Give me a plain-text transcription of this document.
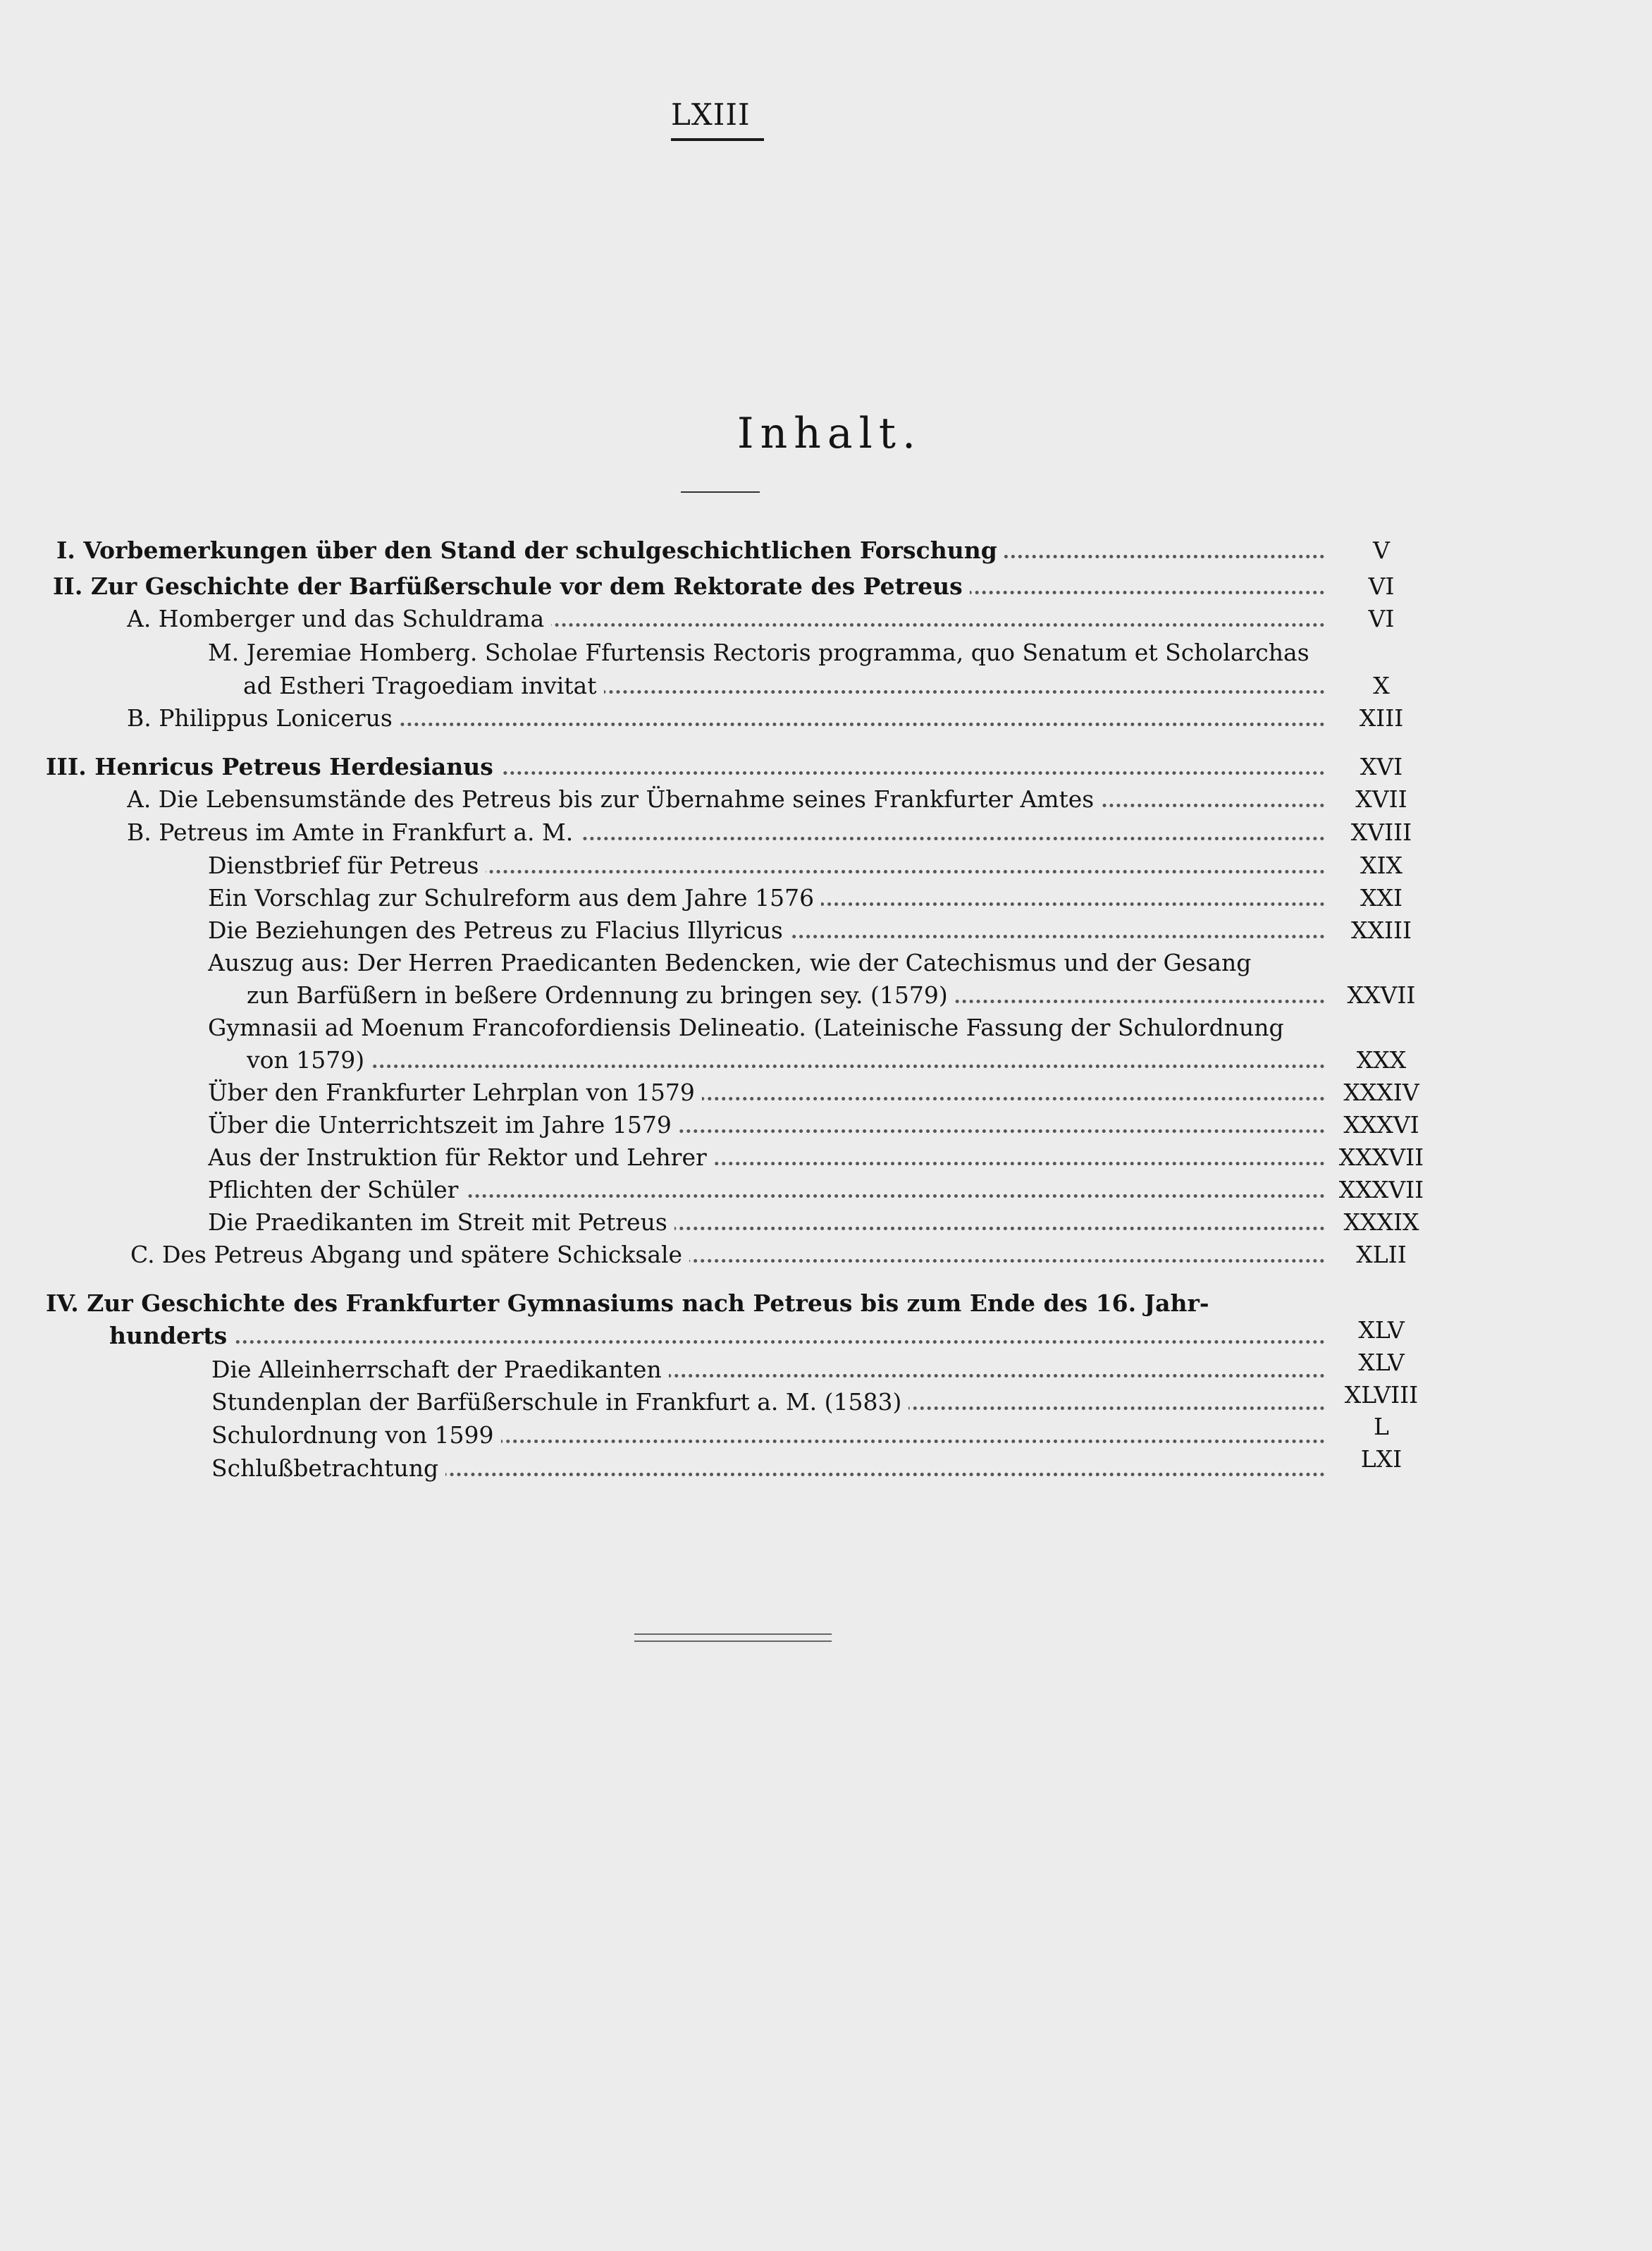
LXIII
Inhalt.
I. Vorbemerkungen über den Stand der schulgeschichtlichen Forschung	V
II. Zur Geschichte der Barfüßerschule vor dem Rektorate des Petreus	VI
A. Homberger und das Schuldrama	VI
M. Jeremiae Homberg. Scholae Ffurtensis Rectoris programma, quo Senatum et Scholarchas
ad Estheri Tragoediam invitat	X
B. Philippus Lonicerus	XIII
III. Henricus Petreus Herdesianus	XVI
A. Die Lebensumstände des Petreus bis zur Übernahme seines Frankfurter Amtes	XVII
B. Petreus im Amte in Frankfurt a. M.	XVIII
Dienstbrief für Petreus	XIX
Ein Vorschlag zur Schulreform aus dem Jahre 1576	XXI
Die Beziehungen des Petreus zu Flacius Illyricus	XXIII
Auszug aus: Der Herren Praedicanten Bedencken, wie der Catechismus und der Gesang
zun Barfüßern in beßere Ordennung zu bringen sey. (1579)	XXVII
Gymnasii ad Moenum Francofordiensis Delineatio. (Lateinische Fassung der Schulordnung
von 1579)	XXX
Über den Frankfurter Lehrplan von 1579	XXXIV
Über die Unterrichtszeit im Jahre 1579	XXXVI
Aus der Instruktion für Rektor und Lehrer	XXXVII
Pflichten der Schüler	XXXVII
Die Praedikanten im Streit mit Petreus	XXXIX
C. Des Petreus Abgang und spätere Schicksale	XLII
IV. Zur Geschichte des Frankfurter Gymnasiums nach Petreus bis zum Ende des 16. Jahr-
hunderts	XLV
Die Alleinherrschaft der Praedikanten	XLV
Stundenplan der Barfüßerschule in Frankfurt a. M. (1583)	XLVIII
Schulordnung von 1599	L
Schlußbetrachtung	LXI
